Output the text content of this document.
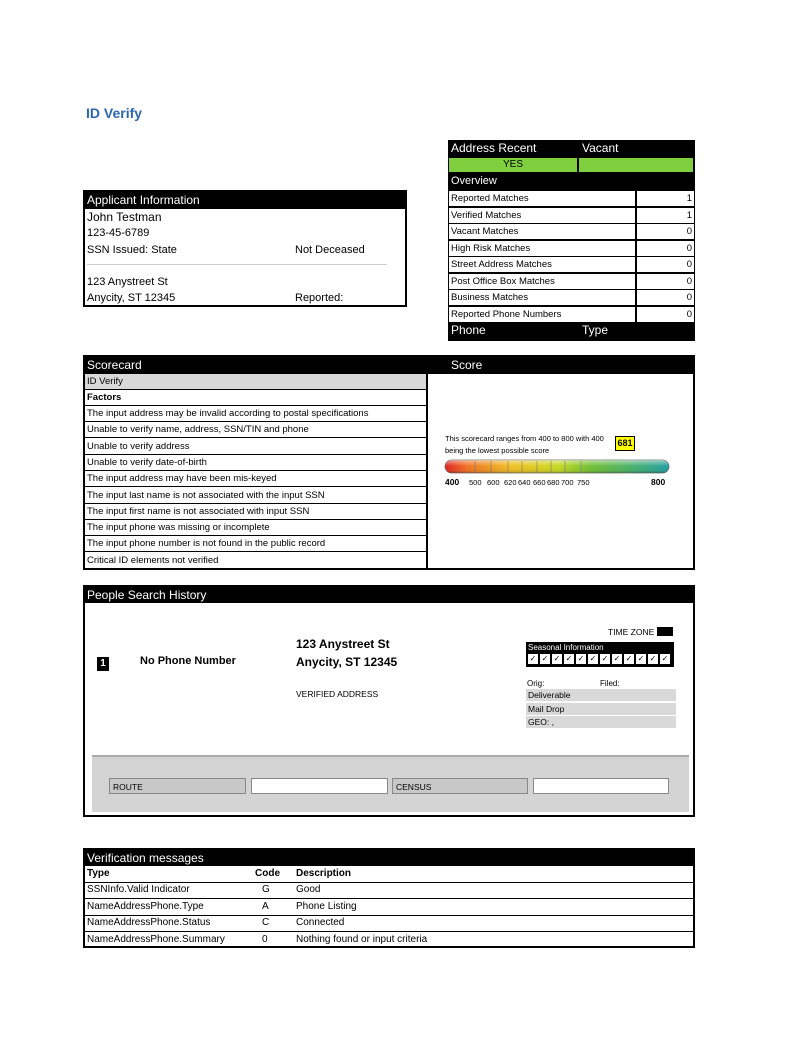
ID Verify
Applicant Information
John Testman
123-45-6789
SSN Issued: State	Not Deceased
123 Anystreet St
Anycity, ST 12345	Reported:
Address Recent	Vacant
YES
Overview
Reported Matches	1
Verified Matches	1
Vacant Matches	0
High Risk Matches	0
Street Address Matches	0
Post Office Box Matches	0
Business Matches	0
Reported Phone Numbers	0
Phone	Type
Scorecard	Score
ID Verify
Factors
The input address may be invalid according to postal specifications
Unable to verify name, address, SSN/TIN and phone
Unable to verify address
Unable to verify date-of-birth
The input address may have been mis-keyed
The input last name is not associated with the input SSN
The input first name is not associated with input SSN
The input phone was missing or incomplete
The input phone number is not found in the public record
Critical ID elements not verified
This scorecard ranges from 400 to 800 with 400
being the lowest possible score
681
500 600 620 640 660 680 700 750
400	800
People Search History
1	No Phone Number
123 Anystreet St
Anycity, ST 12345
VERIFIED ADDRESS
TIME ZONE
Seasonal Information
✓ ✓ ✓ ✓ ✓ ✓ ✓ ✓ ✓ ✓ ✓ ✓
Orig:	Filed:
Deliverable
Mail Drop
GEO: ,
ROUTE	CENSUS
Verification messages
Type	Code Description
SSNInfo.Valid Indicator	G	Good
NameAddressPhone.Type	A	Phone Listing
NameAddressPhone.Status	C	Connected
NameAddressPhone.Summary	0	Nothing found or input criteria
